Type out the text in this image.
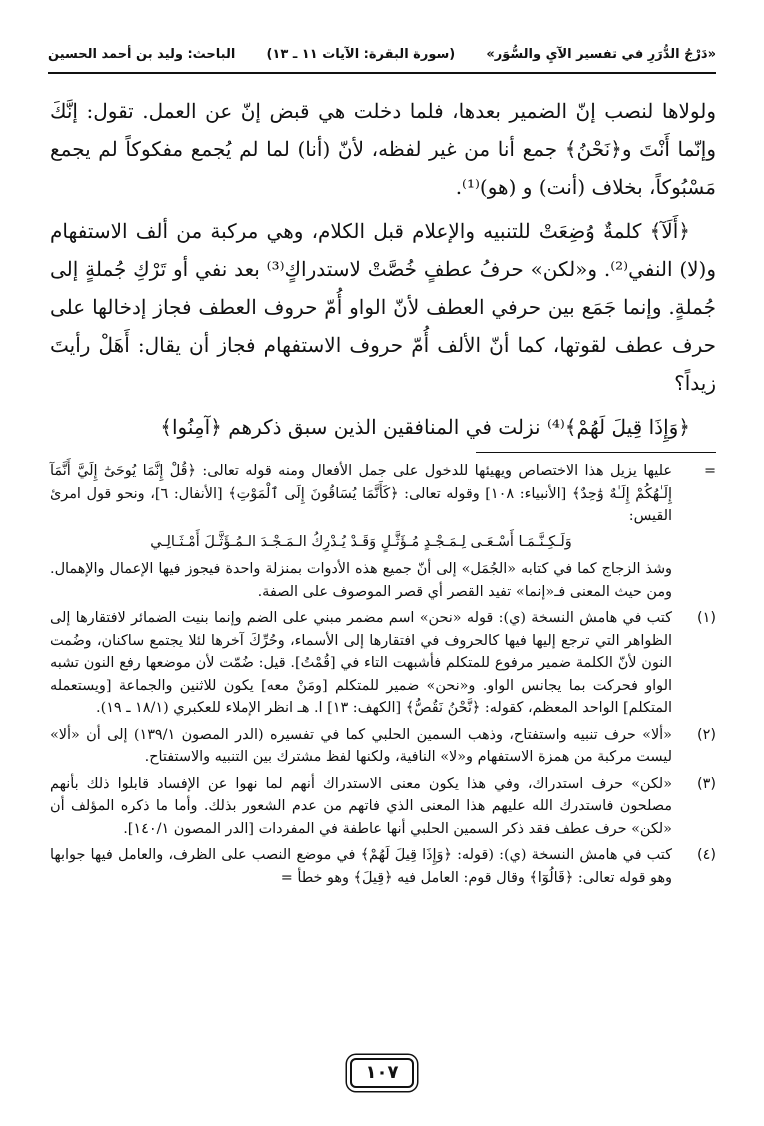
«دَرْجُ الدُّرَرِ في تفسير الآيِ والسُّوَر»
(سورة البقرة: الآيات ١١ ـ ١٣)
الباحث: وليد بن أحمد الحسين

ولولاها لنصب إنّ الضمير بعدها، فلما دخلت هي قبض إنّ عن العمل. تقول: إنَّكَ وإنّما أَنْتَ و﴿نَحْنُ﴾ جمع أنا من غير لفظه، لأنّ (أنا) لما لم يُجمع مفكوكاً لم يجمع مَسْبُوكاً، بخلاف (أنت) و (هو)⁽¹⁾.

﴿أَلَآ﴾ كلمةٌ وُضِعَتْ للتنبيه والإعلام قبل الكلام، وهي مركبة من ألف الاستفهام و(لا) النفي⁽²⁾. و«لكن» حرفُ عطفٍ خُصَّتْ لاستدراكٍ⁽³⁾ بعد نفي أو تَرْكِ جُملةٍ إلى جُملةٍ. وإنما جَمَع بين حرفي العطف لأنّ الواو أُمّ حروف العطف فجاز إدخالها على حرف عطف لقوتها، كما أنّ الألف أُمّ حروف الاستفهام فجاز أن يقال: أَهَلْ رأيتَ زيداً؟

﴿وَإِذَا قِيلَ لَهُمْ﴾⁽⁴⁾ نزلت في المنافقين الذين سبق ذكرهم ﴿آمِنُوا﴾

=
عليها يزيل هذا الاختصاص ويهيئها للدخول على جمل الأفعال ومنه قوله تعالى: ﴿قُلْ إِنَّمَا يُوحَىٰٓ إِلَيَّ أَنَّمَآ إِلَـٰهُكُمْ إِلَـٰهٌ وَٰحِدٌ﴾ [الأنبياء: ١٠٨] وقوله تعالى: ﴿كَأَنَّمَا يُسَاقُونَ إِلَى ٱلْمَوْتِ﴾ [الأنفال: ٦]، ونحو قول امرئ القيس:
وَلَـكِـنَّـمَـا أَسْـعَـى لِـمَـجْـدٍ مُـؤَثَّـلٍ وَقَـدْ يُـدْرِكُ الـمَـجْـدَ الـمُـؤَثَّـلَ أَمْـثَـالِـي
وشذ الزجاج كما في كتابه «الجُمَل» إلى أنّ جميع هذه الأدوات بمنزلة واحدة فيجوز فيها الإعمال والإهمال. ومن حيث المعنى فـ«إنما» تفيد القصر أي قصر الموصوف على الصفة.
(١)
كتب في هامش النسخة (ي): قوله «نحن» اسم مضمر مبني على الضم وإنما بنيت الضمائر لافتقارها إلى الظواهر التي ترجع إليها فيها كالحروف في افتقارها إلى الأسماء، وحُرِّكَ آخرها لئلا يجتمع ساكنان، وضُمت النون لأنّ الكلمة ضمير مرفوع للمتكلم فأشبهت التاء في [قُمْتُ]. قيل: ضُمّت لأن موضعها رفع النون تشبه الواو فحركت بما يجانس الواو. و«نحن» ضمير للمتكلم [ومَنْ معه] يكون للاثنين والجماعة [ويستعمله المتكلم] الواحد المعظم، كقوله: ﴿نَّحْنُ نَقُصُّ﴾ [الكهف: ١٣] ا. هـ انظر الإملاء للعكبري (١٨/١ ـ ١٩).
(٢)
«ألا» حرف تنبيه واستفتاح، وذهب السمين الحلبي كما في تفسيره (الدر المصون ١٣٩/١) إلى أن «ألا» ليست مركبة من همزة الاستفهام و«لا» النافية، ولكنها لفظ مشترك بين التنبيه والاستفتاح.
(٣)
«لكن» حرف استدراك، وفي هذا يكون معنى الاستدراك أنهم لما نهوا عن الإفساد قابلوا ذلك بأنهم مصلحون فاستدرك الله عليهم هذا المعنى الذي فاتهم من عدم الشعور بذلك. وأما ما ذكره المؤلف أن «لكن» حرف عطف فقد ذكر السمين الحلبي أنها عاطفة في المفردات [الدر المصون ١٤٠/١].
(٤)
كتب في هامش النسخة (ي): (قوله: ﴿وَإِذَا قِيلَ لَهُمْ﴾ في موضع النصب على الظرف، والعامل فيها جوابها وهو قوله تعالى: ﴿قَالُوٓا﴾ وقال قوم: العامل فيه ﴿قِيلَ﴾ وهو خطأ =
١٠٧
